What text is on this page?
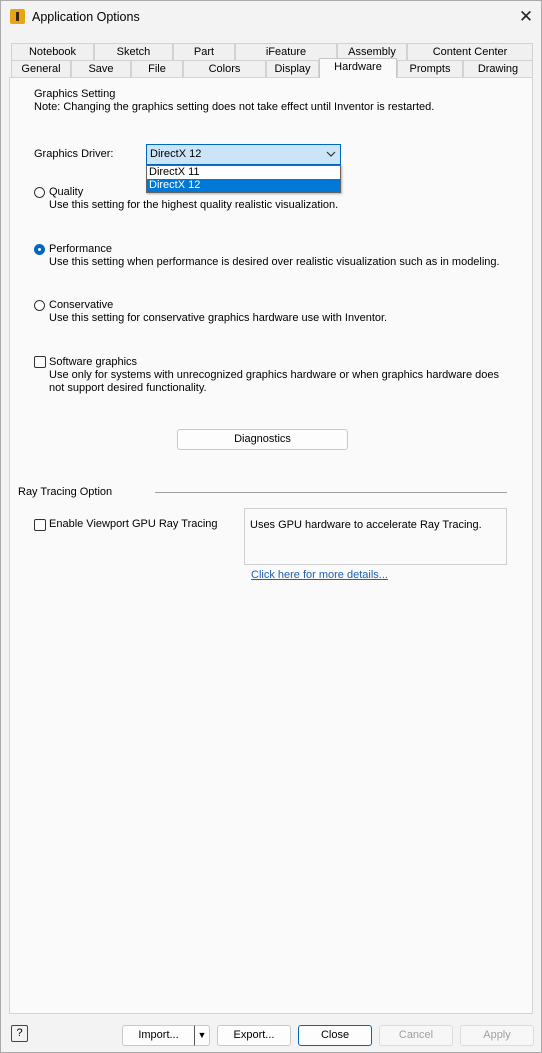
Application Options	✕
Notebook	Sketch	Part	iFeature	Assembly	Content Center
General	Save	File	Colors	Display	Hardware	Prompts	Drawing
Graphics Setting
Note: Changing the graphics setting does not take effect until Inventor is restarted.
Graphics Driver:	DirectX 12
DirectX 11
DirectX 12
Quality
Use this setting for the highest quality realistic visualization.
Performance
Use this setting when performance is desired over realistic visualization such as in modeling.
Conservative
Use this setting for conservative graphics hardware use with Inventor.
Software graphics
Use only for systems with unrecognized graphics hardware or when graphics hardware does
not support desired functionality.
Diagnostics
Ray Tracing Option
Enable Viewport GPU Ray Tracing	Uses GPU hardware to accelerate Ray Tracing.
Click here for more details...
?	Import...	▼	Export...	Close	Cancel	Apply
